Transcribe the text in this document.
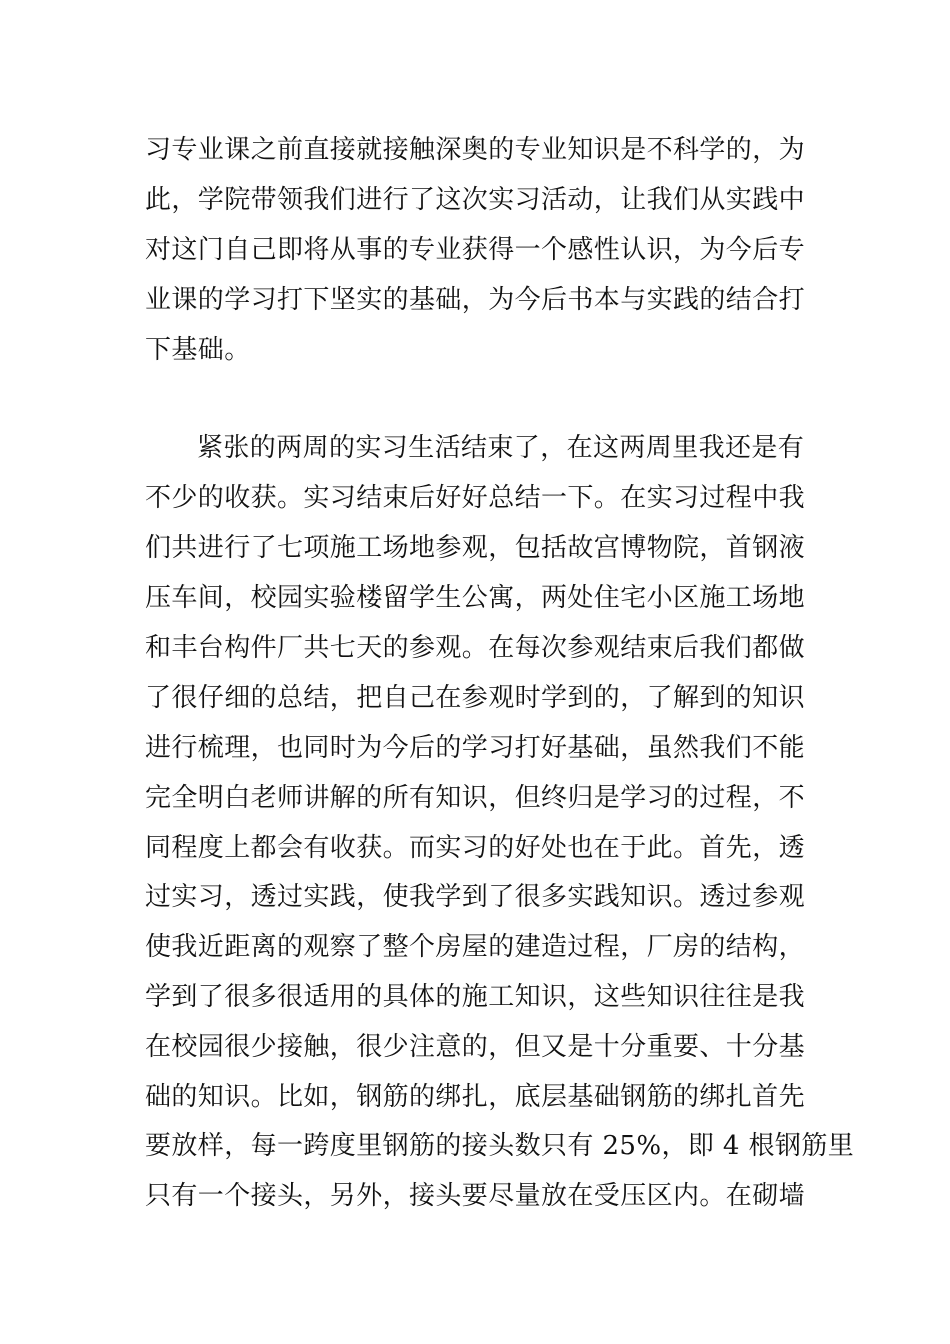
习专业课之前直接就接触深奥的专业知识是不科学的，为
此，学院带领我们进行了这次实习活动，让我们从实践中
对这门自己即将从事的专业获得一个感性认识，为今后专
业课的学习打下坚实的基础，为今后书本与实践的结合打
下基础。
紧张的两周的实习生活结束了，在这两周里我还是有
不少的收获。实习结束后好好总结一下。在实习过程中我
们共进行了七项施工场地参观，包括故宫博物院，首钢液
压车间，校园实验楼留学生公寓，两处住宅小区施工场地
和丰台构件厂共七天的参观。在每次参观结束后我们都做
了很仔细的总结，把自己在参观时学到的，了解到的知识
进行梳理，也同时为今后的学习打好基础，虽然我们不能
完全明白老师讲解的所有知识，但终归是学习的过程，不
同程度上都会有收获。而实习的好处也在于此。首先，透
过实习，透过实践，使我学到了很多实践知识。透过参观
使我近距离的观察了整个房屋的建造过程，厂房的结构，
学到了很多很适用的具体的施工知识，这些知识往往是我
在校园很少接触，很少注意的，但又是十分重要、十分基
础的知识。比如，钢筋的绑扎，底层基础钢筋的绑扎首先
要放样，每一跨度里钢筋的接头数只有 25%，即 4 根钢筋里
只有一个接头，另外，接头要尽量放在受压区内。在砌墙
